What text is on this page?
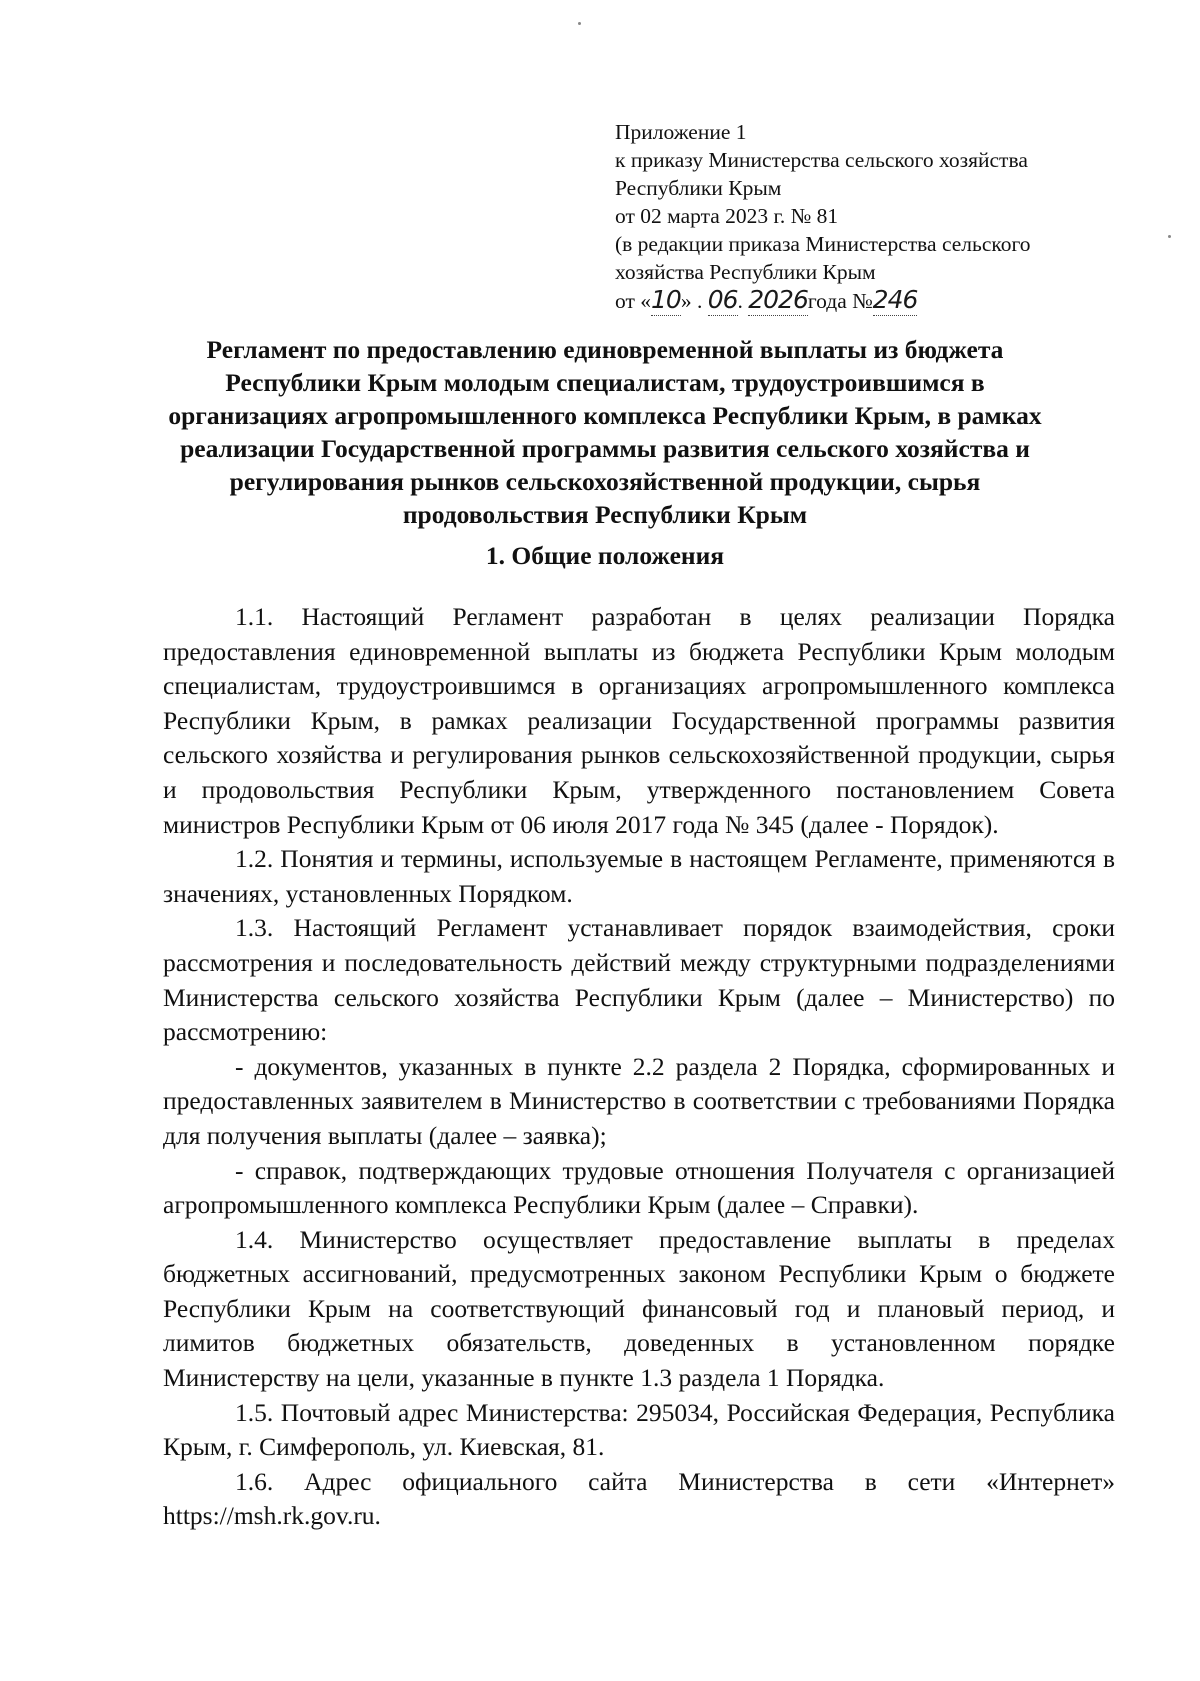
Приложение 1
к приказу Министерства сельского хозяйства
Республики Крым
от 02 марта 2023 г. № 81
(в редакции приказа Министерства сельского
хозяйства Республики Крым
от «10» . 06. 2026года №246
Регламент по предоставлению единовременной выплаты из бюджета Республики Крым молодым специалистам, трудоустроившимся в организациях агропромышленного комплекса Республики Крым, в рамках реализации Государственной программы развития сельского хозяйства и регулирования рынков сельскохозяйственной продукции, сырья продовольствия Республики Крым
1. Общие положения

1.1. Настоящий Регламент разработан в целях реализации Порядка предоставления единовременной выплаты из бюджета Республики Крым молодым специалистам, трудоустроившимся в организациях агропромышленного комплекса Республики Крым, в рамках реализации Государственной программы развития сельского хозяйства и регулирования рынков сельскохозяйственной продукции, сырья и продовольствия Республики Крым, утвержденного постановлением Совета министров Республики Крым от 06 июля 2017 года № 345 (далее - Порядок).

1.2. Понятия и термины, используемые в настоящем Регламенте, применяются в значениях, установленных Порядком.

1.3. Настоящий Регламент устанавливает порядок взаимодействия, сроки рассмотрения и последовательность действий между структурными подразделениями Министерства сельского хозяйства Республики Крым (далее – Министерство) по рассмотрению:

- документов, указанных в пункте 2.2 раздела 2 Порядка, сформированных и предоставленных заявителем в Министерство в соответствии с требованиями Порядка для получения выплаты (далее – заявка);

- справок, подтверждающих трудовые отношения Получателя с организацией агропромышленного комплекса Республики Крым (далее – Справки).

1.4. Министерство осуществляет предоставление выплаты в пределах бюджетных ассигнований, предусмотренных законом Республики Крым о бюджете Республики Крым на соответствующий финансовый год и плановый период, и лимитов бюджетных обязательств, доведенных в установленном порядке Министерству на цели, указанные в пункте 1.3 раздела 1 Порядка.

1.5. Почтовый адрес Министерства: 295034, Российская Федерация, Республика Крым, г. Симферополь, ул. Киевская, 81.

1.6. Адрес официального сайта Министерства в сети «Интернет» https://msh.rk.gov.ru.
